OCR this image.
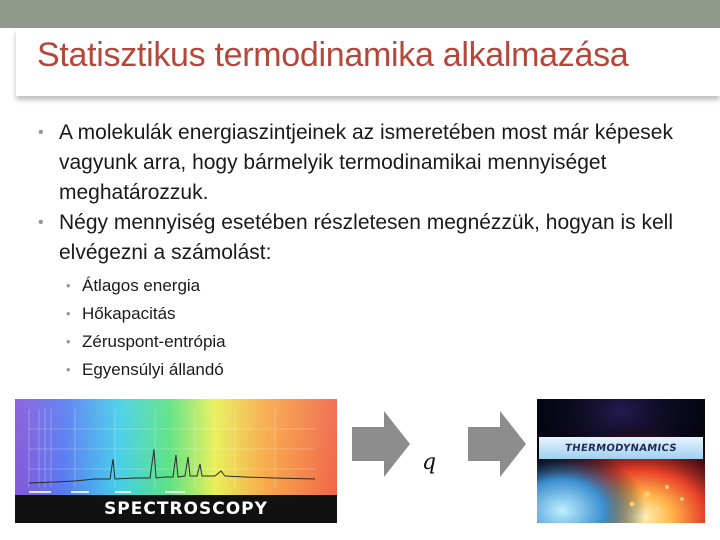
Statisztikus termodinamika alkalmazása
• A molekulák energiaszintjeinek az ismeretében most már képesek vagyunk arra, hogy bármelyik termodinamikai mennyiséget meghatározzuk.
• Négy mennyiség esetében részletesen megnézzük, hogyan is kell elvégezni a számolást:
• Átlagos energia
• Hőkapacitás
• Zéruspont-entrópia
• Egyensúlyi állandó
SPECTROSCOPY
q
THERMODYNAMICS
